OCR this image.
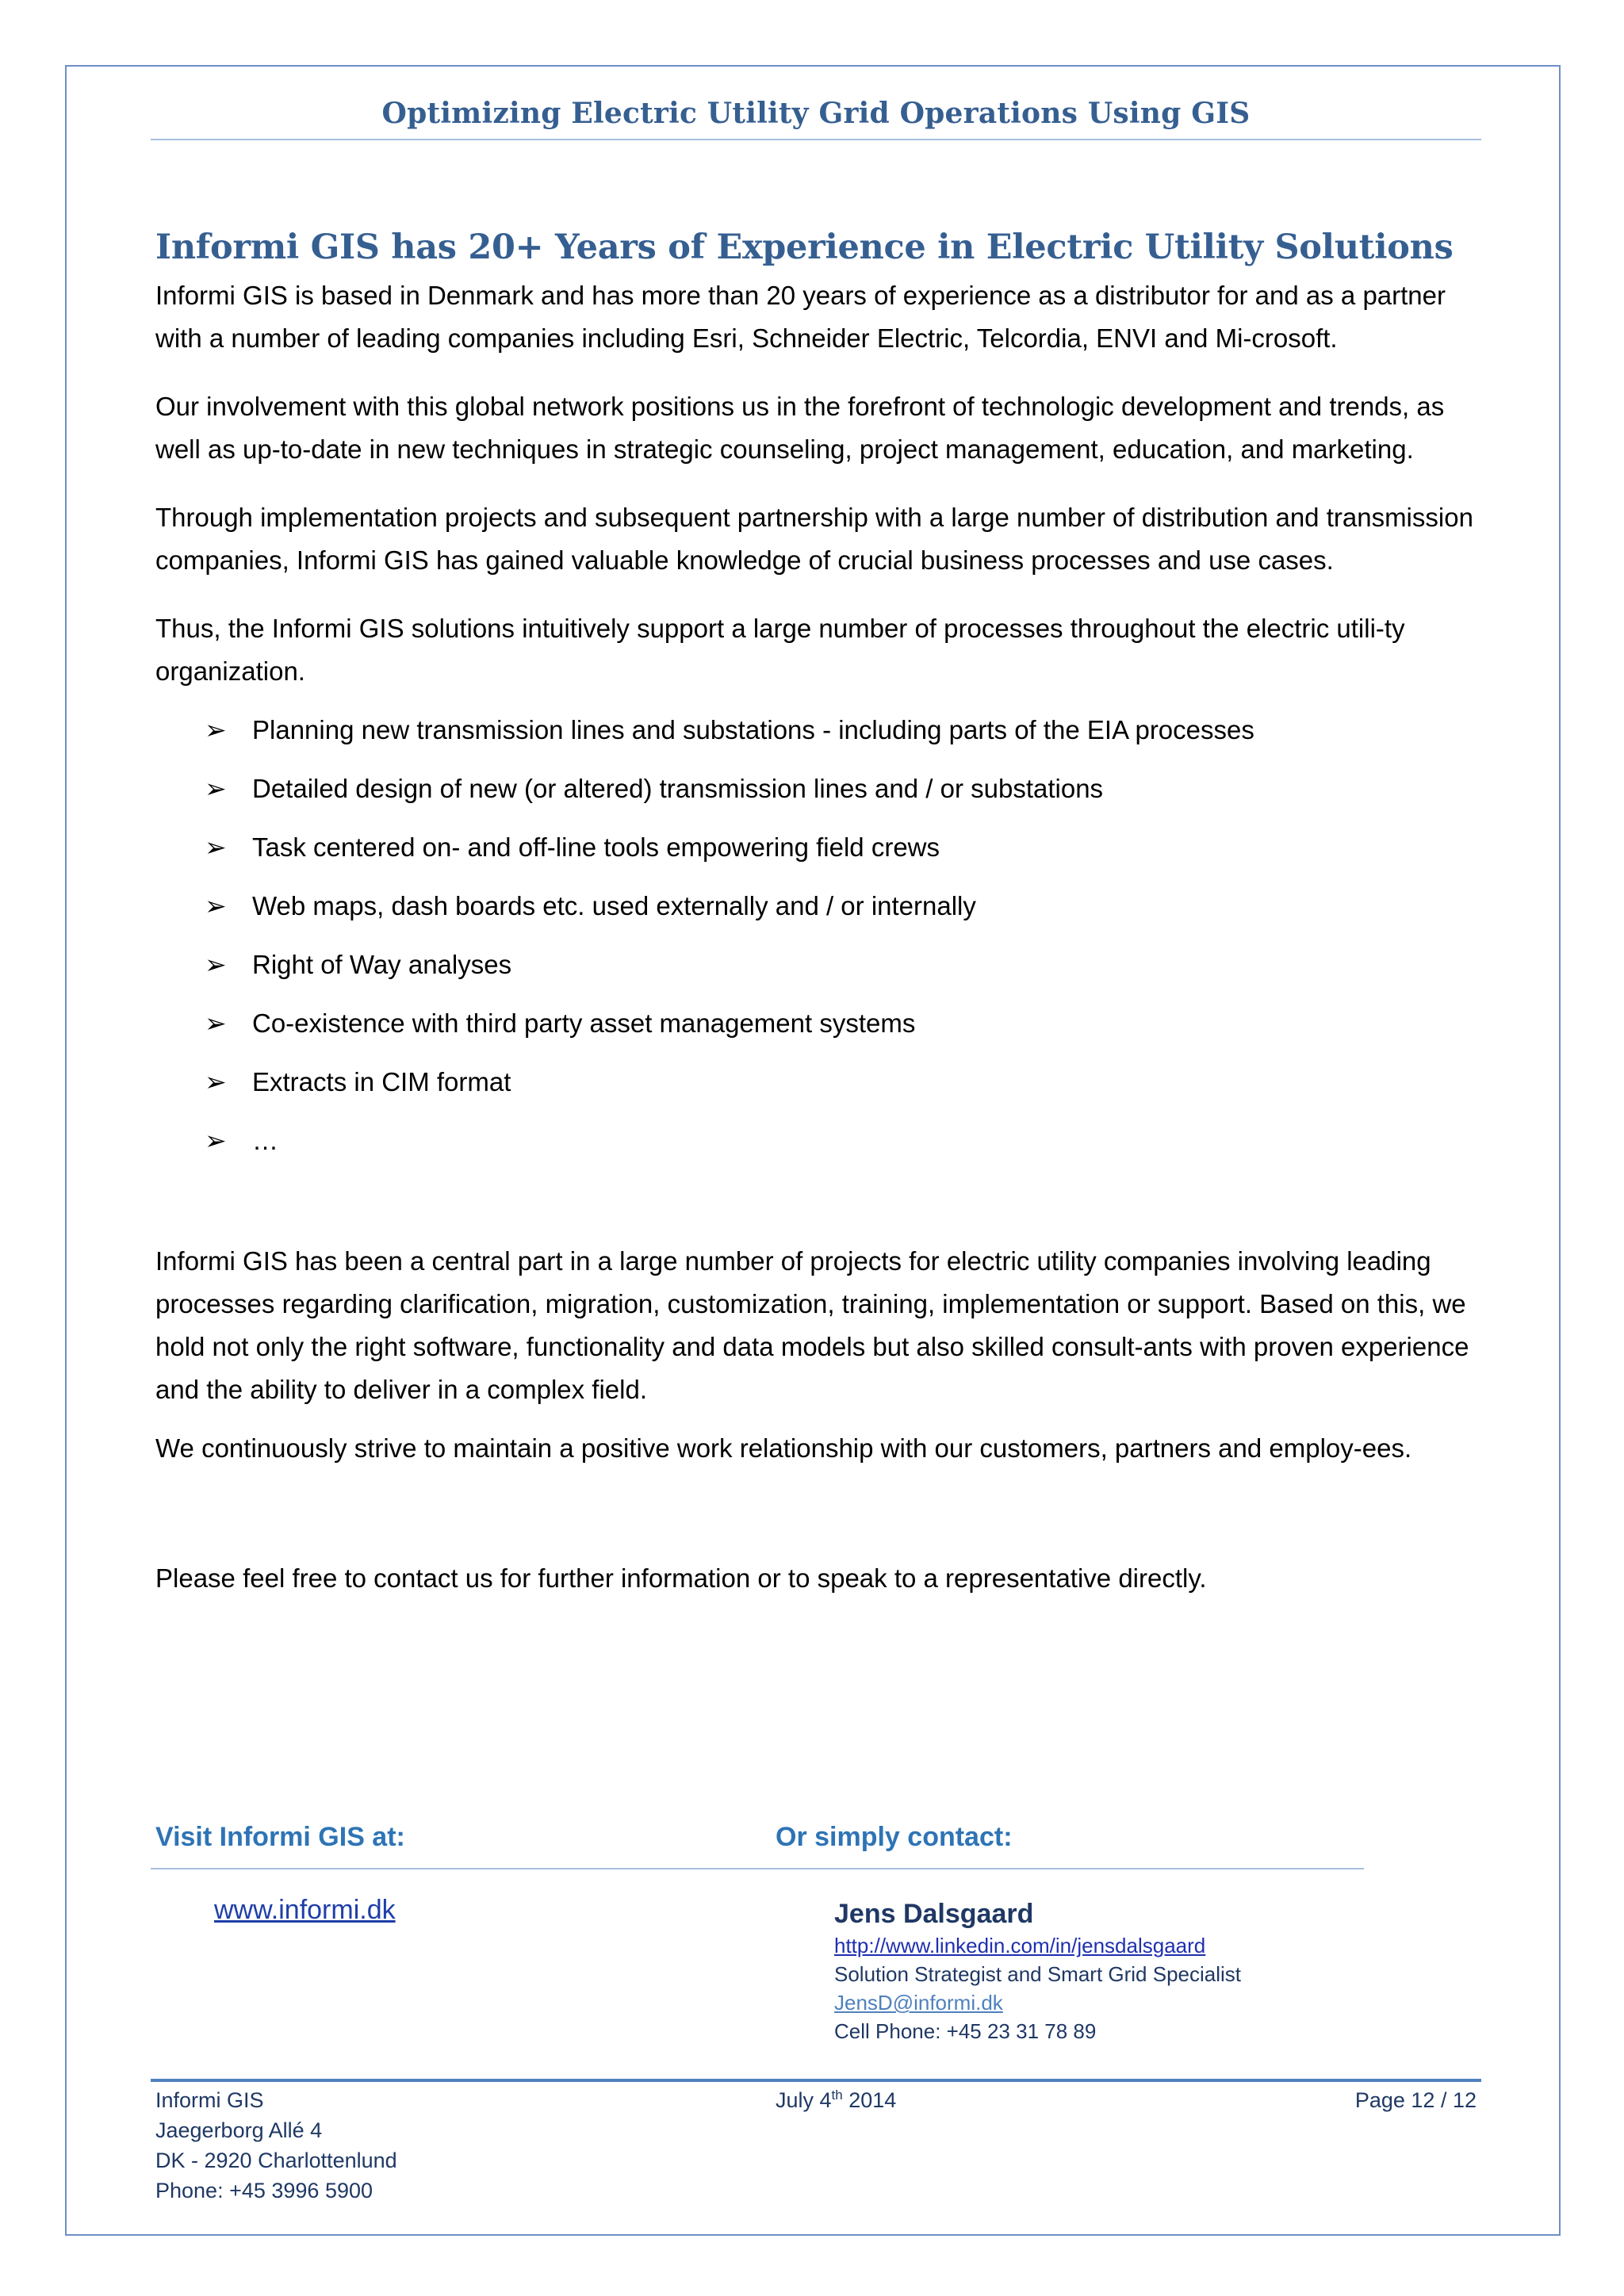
Optimizing Electric Utility Grid Operations Using GIS
Informi GIS has 20+ Years of Experience in Electric Utility Solutions

Informi GIS is based in Denmark and has more than 20 years of experience as a distributor for and as a partner with a number of leading companies including Esri, Schneider Electric, Telcordia, ENVI and Mi-crosoft.

Our involvement with this global network positions us in the forefront of technologic development and trends, as well as up-to-date in new techniques in strategic counseling, project management, education, and marketing.

Through implementation projects and subsequent partnership with a large number of distribution and transmission companies, Informi GIS has gained valuable knowledge of crucial business processes and use cases.

Thus, the Informi GIS solutions intuitively support a large number of processes throughout the electric utili-ty organization.

➢ Planning new transmission lines and substations - including parts of the EIA processes
➢ Detailed design of new (or altered) transmission lines and / or substations
➢ Task centered on- and off-line tools empowering field crews
➢ Web maps, dash boards etc. used externally and / or internally
➢ Right of Way analyses
➢ Co-existence with third party asset management systems
➢ Extracts in CIM format
➢ …

Informi GIS has been a central part in a large number of projects for electric utility companies involving leading processes regarding clarification, migration, customization, training, implementation or support. Based on this, we hold not only the right software, functionality and data models but also skilled consult-ants with proven experience and the ability to deliver in a complex field.

We continuously strive to maintain a positive work relationship with our customers, partners and employ-ees.

Please feel free to contact us for further information or to speak to a representative directly.

Visit Informi GIS at:	Or simply contact:
www.informi.dk	Jens Dalsgaard
http://www.linkedin.com/in/jensdalsgaard
Solution Strategist and Smart Grid Specialist
JensD@informi.dk
Cell Phone: +45 23 31 78 89
Informi GIS
Jaegerborg Allé 4
DK - 2920 Charlottenlund
Phone: +45 3996 5900
July 4th 2014	Page 12 / 12
